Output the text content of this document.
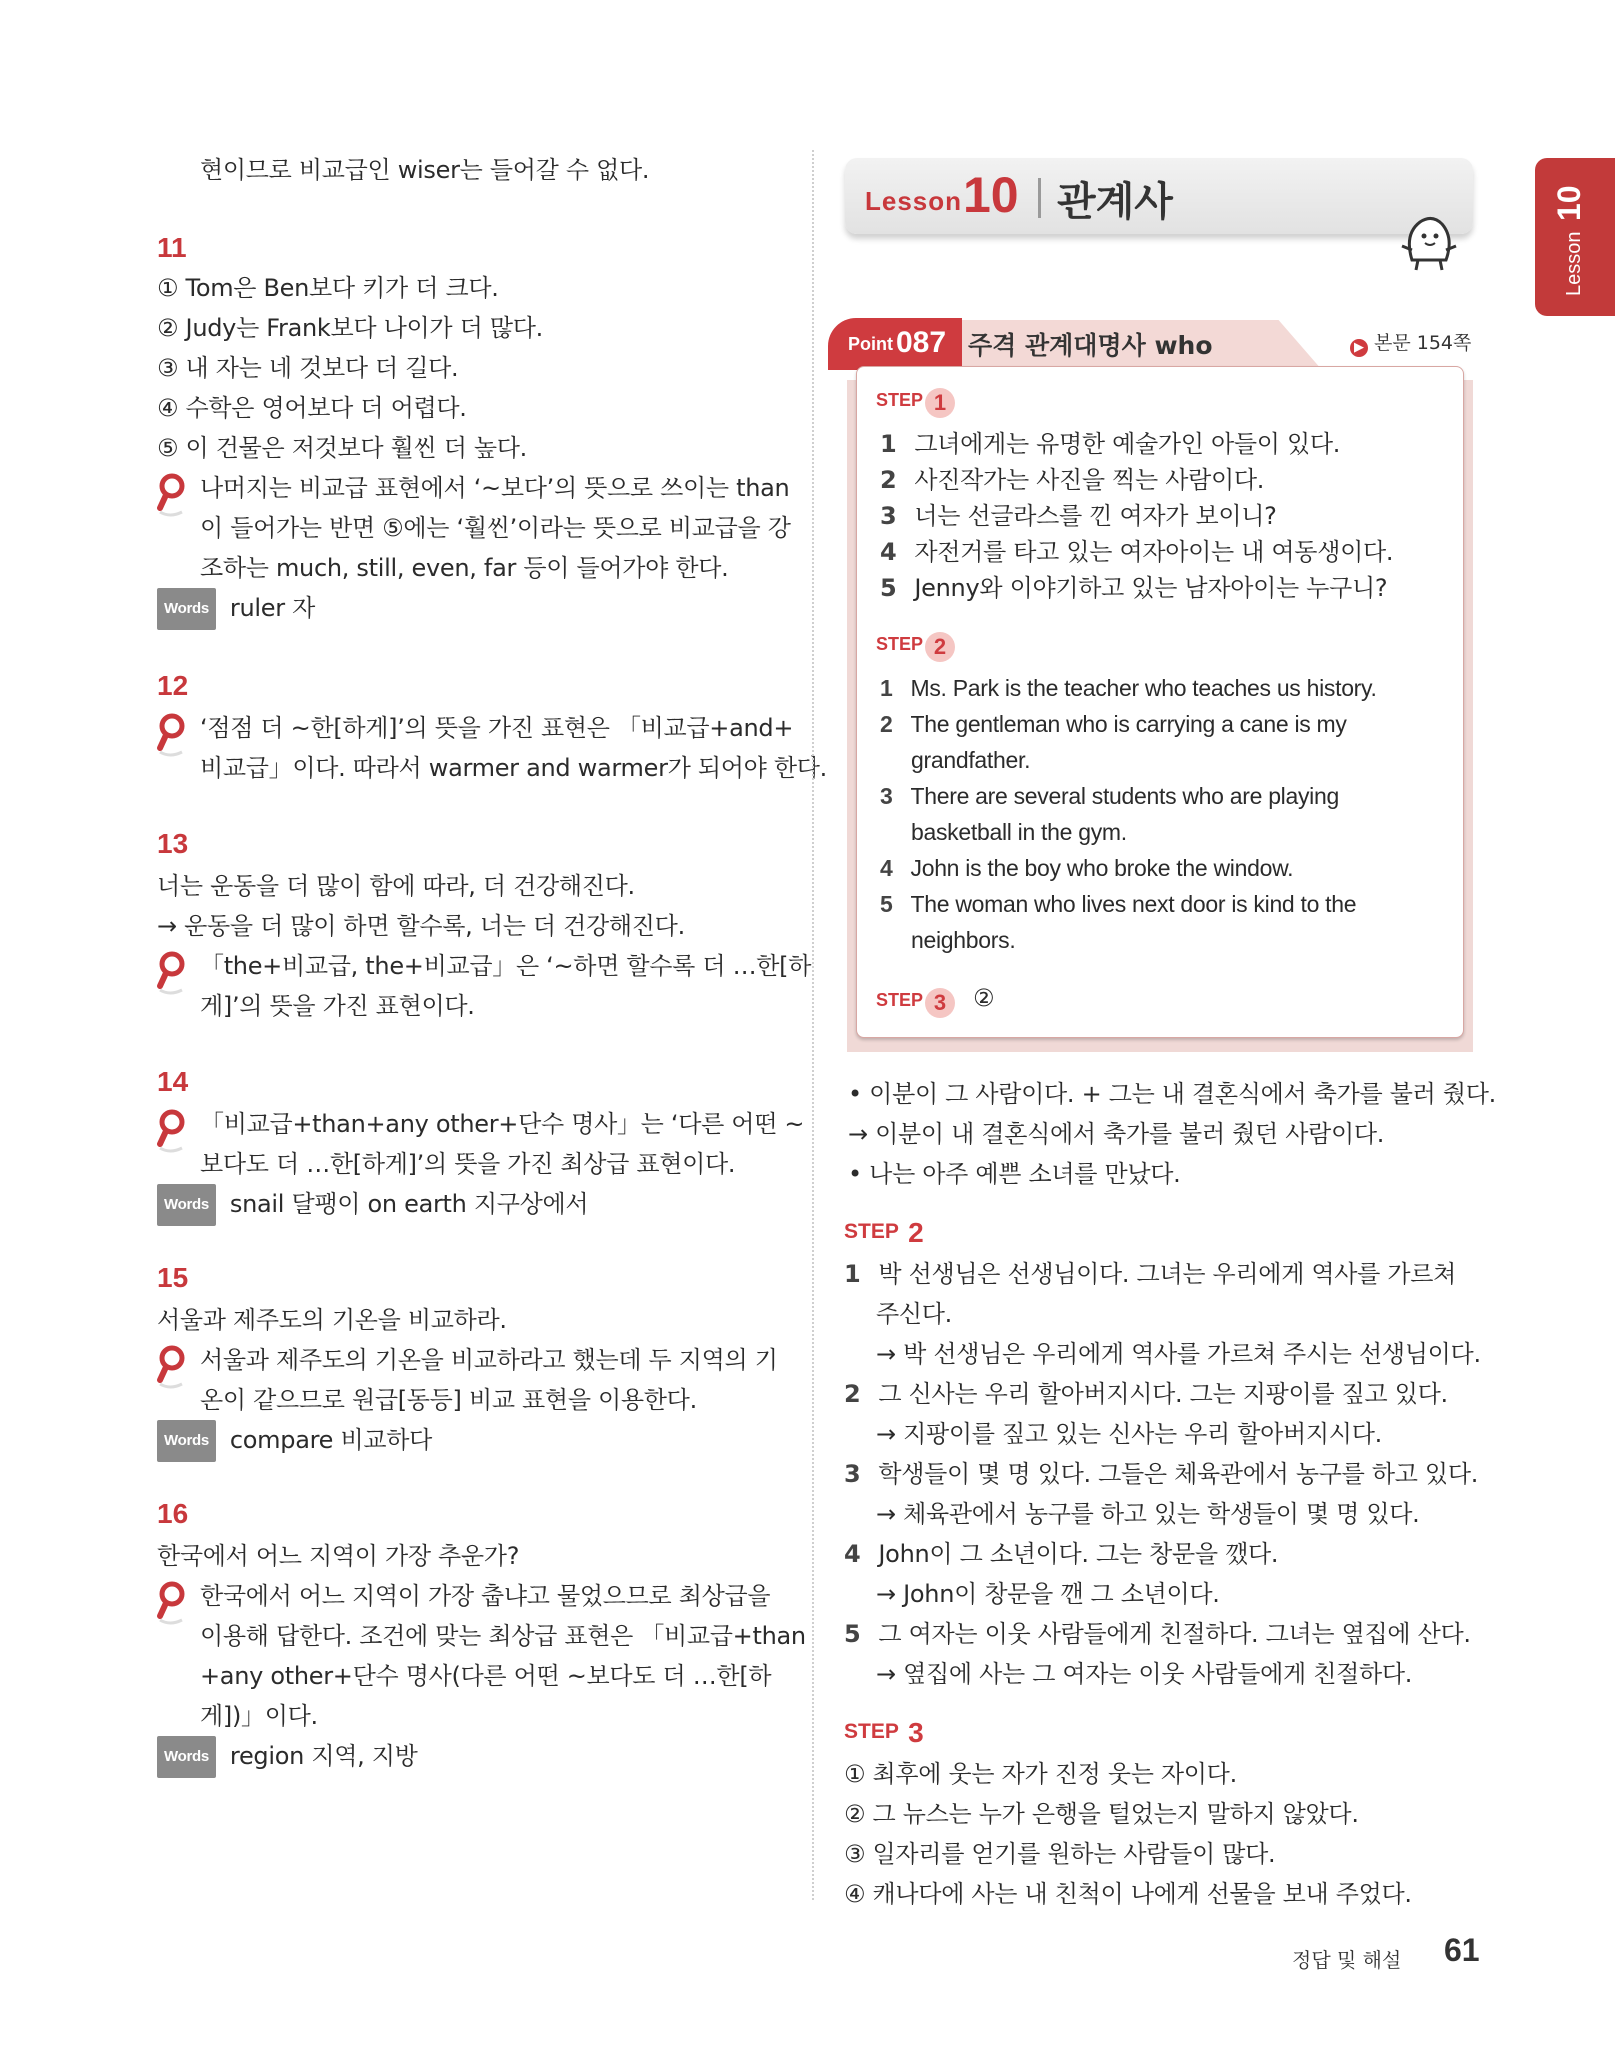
현이므로 비교급인 wiser는 들어갈 수 없다.
11
① Tom은 Ben보다 키가 더 크다.
② Judy는 Frank보다 나이가 더 많다.
③ 내 자는 네 것보다 더 길다.
④ 수학은 영어보다 더 어렵다.
⑤ 이 건물은 저것보다 훨씬 더 높다.
나머지는 비교급 표현에서 ‘~보다’의 뜻으로 쓰이는 than
이 들어가는 반면 ⑤에는 ‘훨씬’이라는 뜻으로 비교급을 강
조하는 much, still, even, far 등이 들어가야 한다.
Words ruler 자
12
‘점점 더 ~한[하게]’의 뜻을 가진 표현은 「비교급+and+
비교급」이다. 따라서 warmer and warmer가 되어야 한다.
13
너는 운동을 더 많이 함에 따라, 더 건강해진다.
→ 운동을 더 많이 하면 할수록, 너는 더 건강해진다.
「the+비교급, the+비교급」은 ‘~하면 할수록 더 …한[하
게]’의 뜻을 가진 표현이다.
14
「비교급+than+any other+단수 명사」는 ‘다른 어떤 ~
보다도 더 …한[하게]’의 뜻을 가진 최상급 표현이다.
Words snail 달팽이 on earth 지구상에서
15
서울과 제주도의 기온을 비교하라.
서울과 제주도의 기온을 비교하라고 했는데 두 지역의 기
온이 같으므로 원급[동등] 비교 표현을 이용한다.
Words compare 비교하다
16
한국에서 어느 지역이 가장 추운가?
한국에서 어느 지역이 가장 춥냐고 물었으므로 최상급을
이용해 답한다. 조건에 맞는 최상급 표현은 「비교급+than
+any other+단수 명사(다른 어떤 ~보다도 더 …한[하
게])」이다.
Words region 지역, 지방
Lesson 10 관계사
Lesson 10
Point 087 주격 관계대명사 who	▶ 본문 154쪽
STEP 1
1 그녀에게는 유명한 예술가인 아들이 있다.
2 사진작가는 사진을 찍는 사람이다.
3 너는 선글라스를 낀 여자가 보이니?
4 자전거를 타고 있는 여자아이는 내 여동생이다.
5 Jenny와 이야기하고 있는 남자아이는 누구니?
STEP 2
1 Ms. Park is the teacher who teaches us history.
2 The gentleman who is carrying a cane is my
grandfather.
3 There are several students who are playing
basketball in the gym.
4 John is the boy who broke the window.
5 The woman who lives next door is kind to the
neighbors.
STEP 3 ②
• 이분이 그 사람이다. + 그는 내 결혼식에서 축가를 불러 줬다.
→ 이분이 내 결혼식에서 축가를 불러 줬던 사람이다.
• 나는 아주 예쁜 소녀를 만났다.
STEP 2
1 박 선생님은 선생님이다. 그녀는 우리에게 역사를 가르쳐
주신다.
→ 박 선생님은 우리에게 역사를 가르쳐 주시는 선생님이다.
2 그 신사는 우리 할아버지시다. 그는 지팡이를 짚고 있다.
→ 지팡이를 짚고 있는 신사는 우리 할아버지시다.
3 학생들이 몇 명 있다. 그들은 체육관에서 농구를 하고 있다.
→ 체육관에서 농구를 하고 있는 학생들이 몇 명 있다.
4 John이 그 소년이다. 그는 창문을 깼다.
→ John이 창문을 깬 그 소년이다.
5 그 여자는 이웃 사람들에게 친절하다. 그녀는 옆집에 산다.
→ 옆집에 사는 그 여자는 이웃 사람들에게 친절하다.
STEP 3
① 최후에 웃는 자가 진정 웃는 자이다.
② 그 뉴스는 누가 은행을 털었는지 말하지 않았다.
③ 일자리를 얻기를 원하는 사람들이 많다.
④ 캐나다에 사는 내 친척이 나에게 선물을 보내 주었다.
정답 및 해설 61
